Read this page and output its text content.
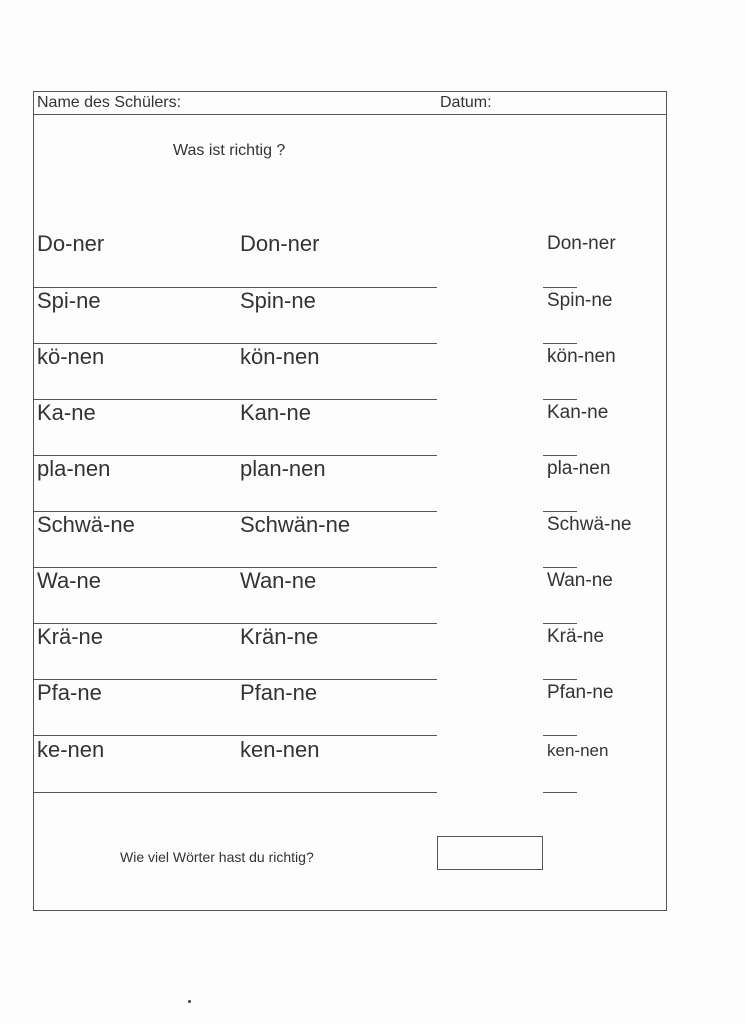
Name des Schülers:	Datum:
Was ist richtig ?
Do-ner	Don-ner	Don-ner
Spi-ne	Spin-ne	Spin-ne
kö-nen	kön-nen	kön-nen
Ka-ne	Kan-ne	Kan-ne
pla-nen	plan-nen	pla-nen
Schwä-ne	Schwän-ne	Schwä-ne
Wa-ne	Wan-ne	Wan-ne
Krä-ne	Krän-ne	Krä-ne
Pfa-ne	Pfan-ne	Pfan-ne
ke-nen	ken-nen	ken-nen
Wie viel Wörter hast du richtig?
